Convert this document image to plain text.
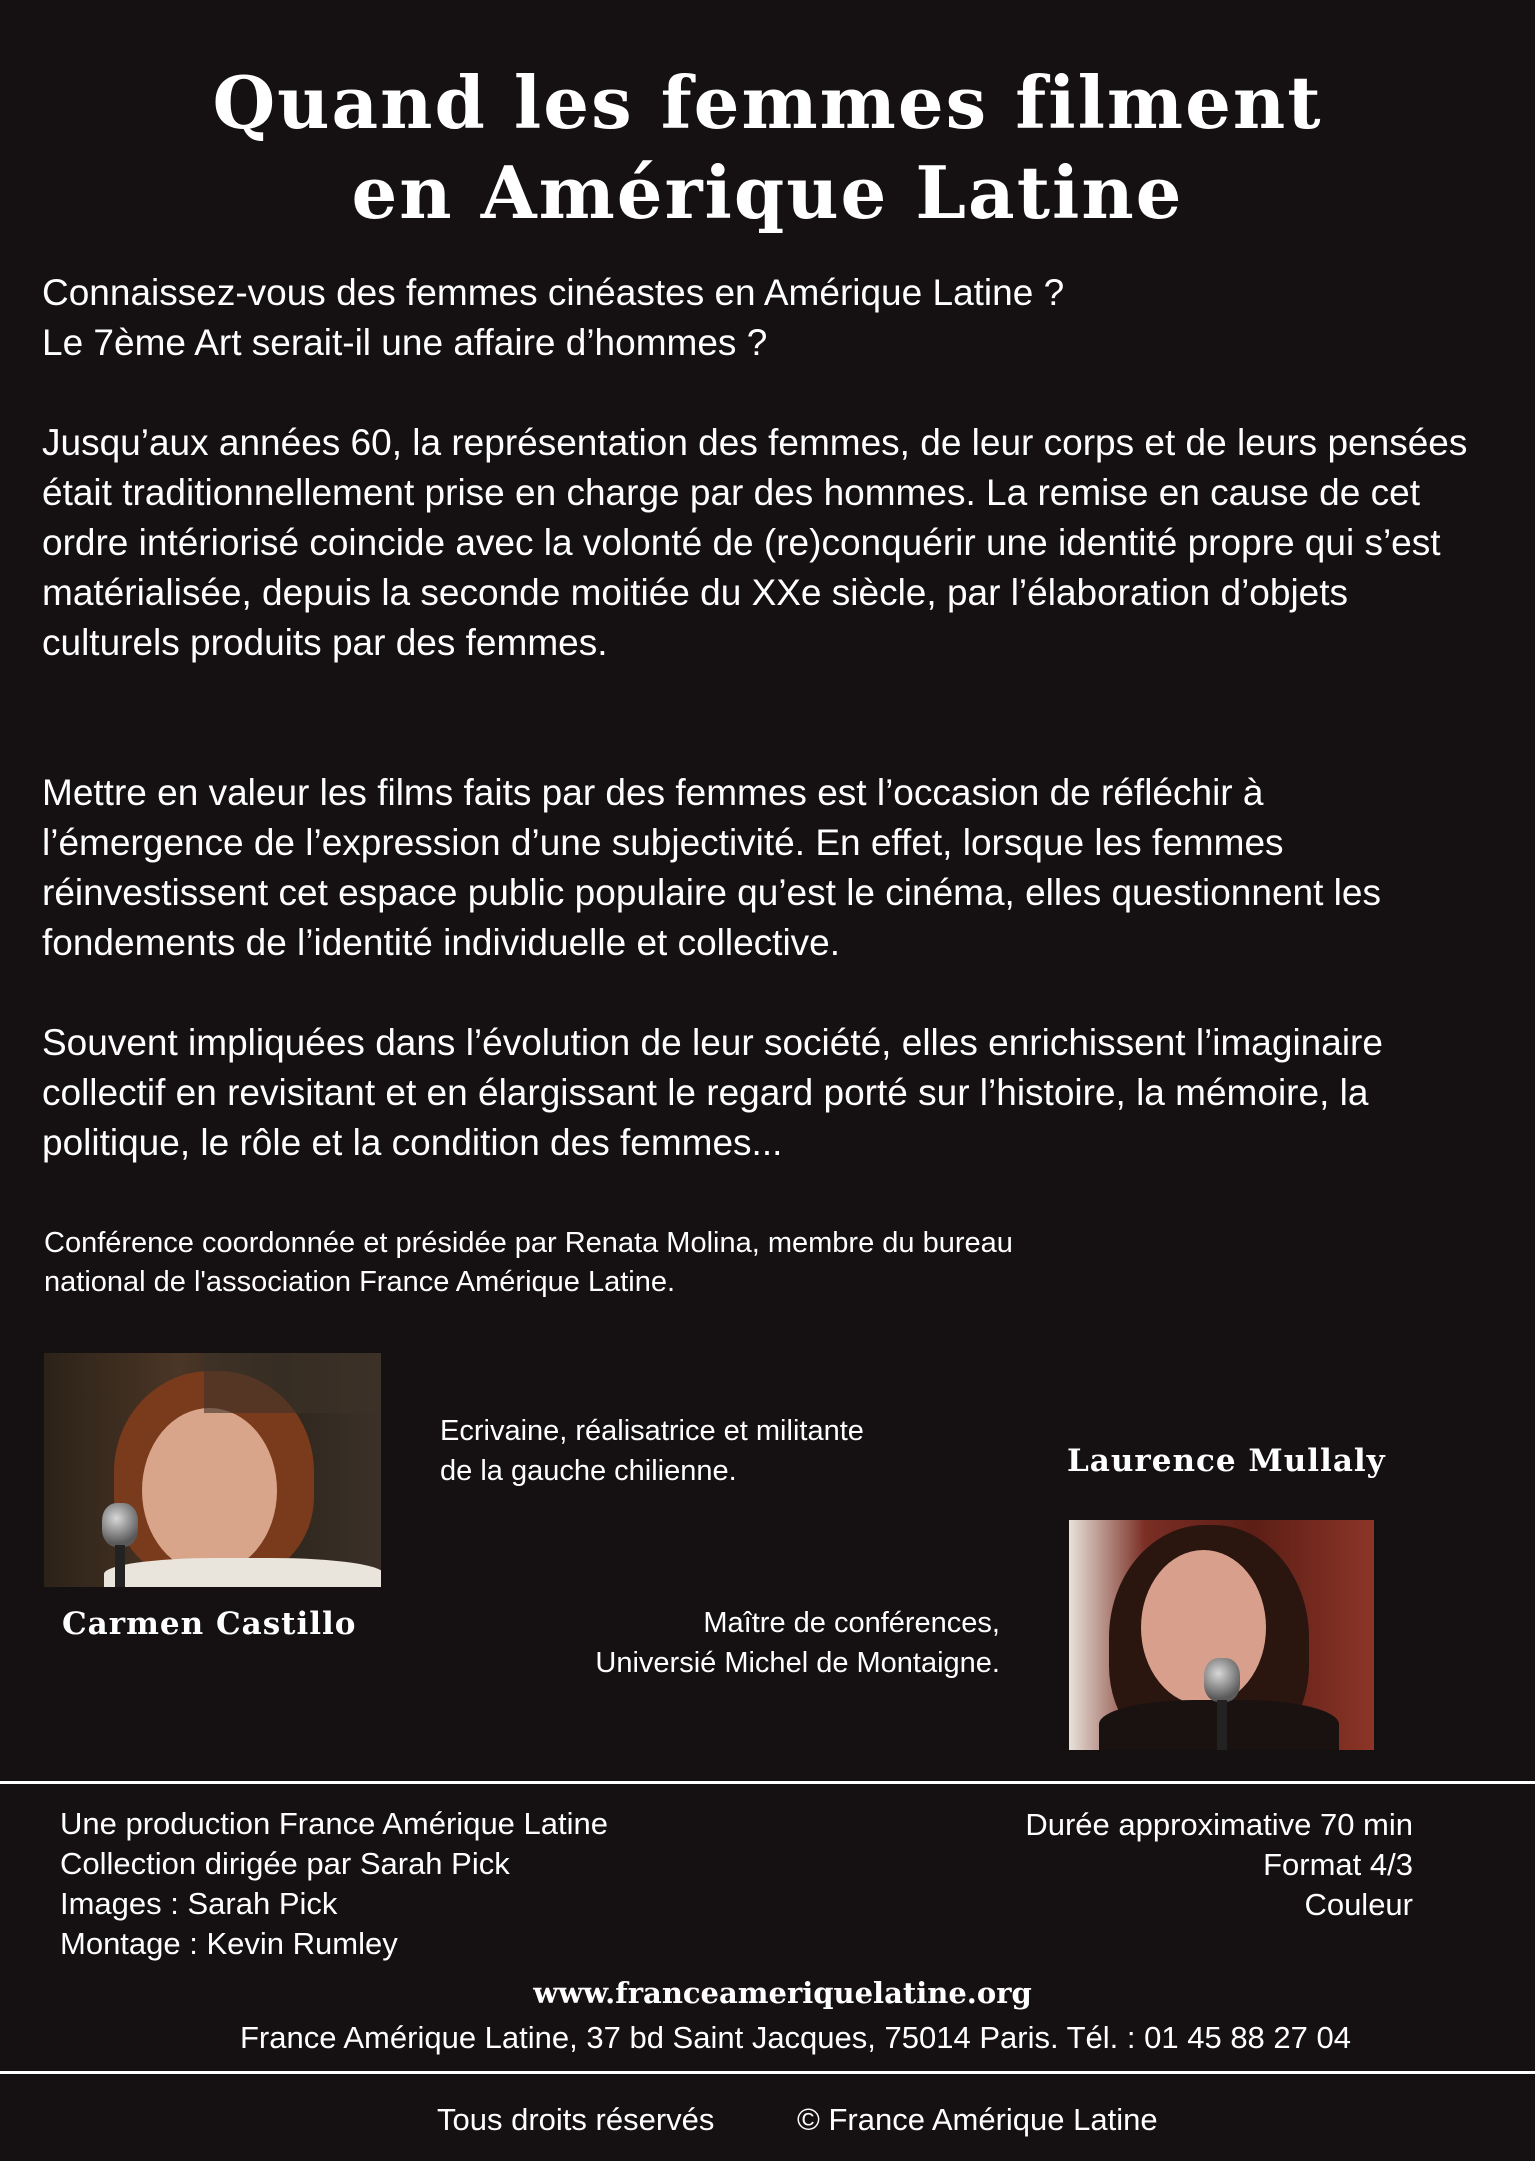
Quand les femmes filment
en Amérique Latine

Connaissez-vous des femmes cinéastes en Amérique Latine ?

Le 7ème Art serait-il une affaire d’hommes ?

Jusqu’aux années 60, la représentation des femmes, de leur corps et de leurs pensées était traditionnellement prise en charge par des hommes. La remise en cause de cet ordre intériorisé coincide avec la volonté de (re)conquérir une identité propre qui s’est matérialisée, depuis la seconde moitiée du XXe siècle, par l’élaboration d’objets culturels produits par des femmes.

Mettre en valeur les films faits par des femmes est l’occasion de réfléchir à l’émergence de l’expression d’une subjectivité. En effet, lorsque les femmes réinvestissent cet espace public populaire qu’est le cinéma, elles questionnent les fondements de l’identité individuelle et collective.

Souvent impliquées dans l’évolution de leur société, elles enrichissent l’imaginaire collectif en revisitant et en élargissant le regard porté sur l’histoire, la mémoire, la politique, le rôle et la condition des femmes...

Conférence coordonnée et présidée par Renata Molina, membre du bureau
national de l'association France Amérique Latine.
Carmen Castillo
Ecrivaine, réalisatrice et militante
de la gauche chilienne.	Laurence Mullaly
Maître de conférences,
Universié Michel de Montaigne.
Une production France Amérique Latine
Collection dirigée par Sarah Pick
Images : Sarah Pick
Montage : Kevin Rumley
Durée approximative 70 min
Format 4/3
Couleur
www.franceameriquelatine.org
France Amérique Latine, 37 bd Saint Jacques, 75014 Paris. Tél. : 01 45 88 27 04
Tous droits réservés	© France Amérique Latine
